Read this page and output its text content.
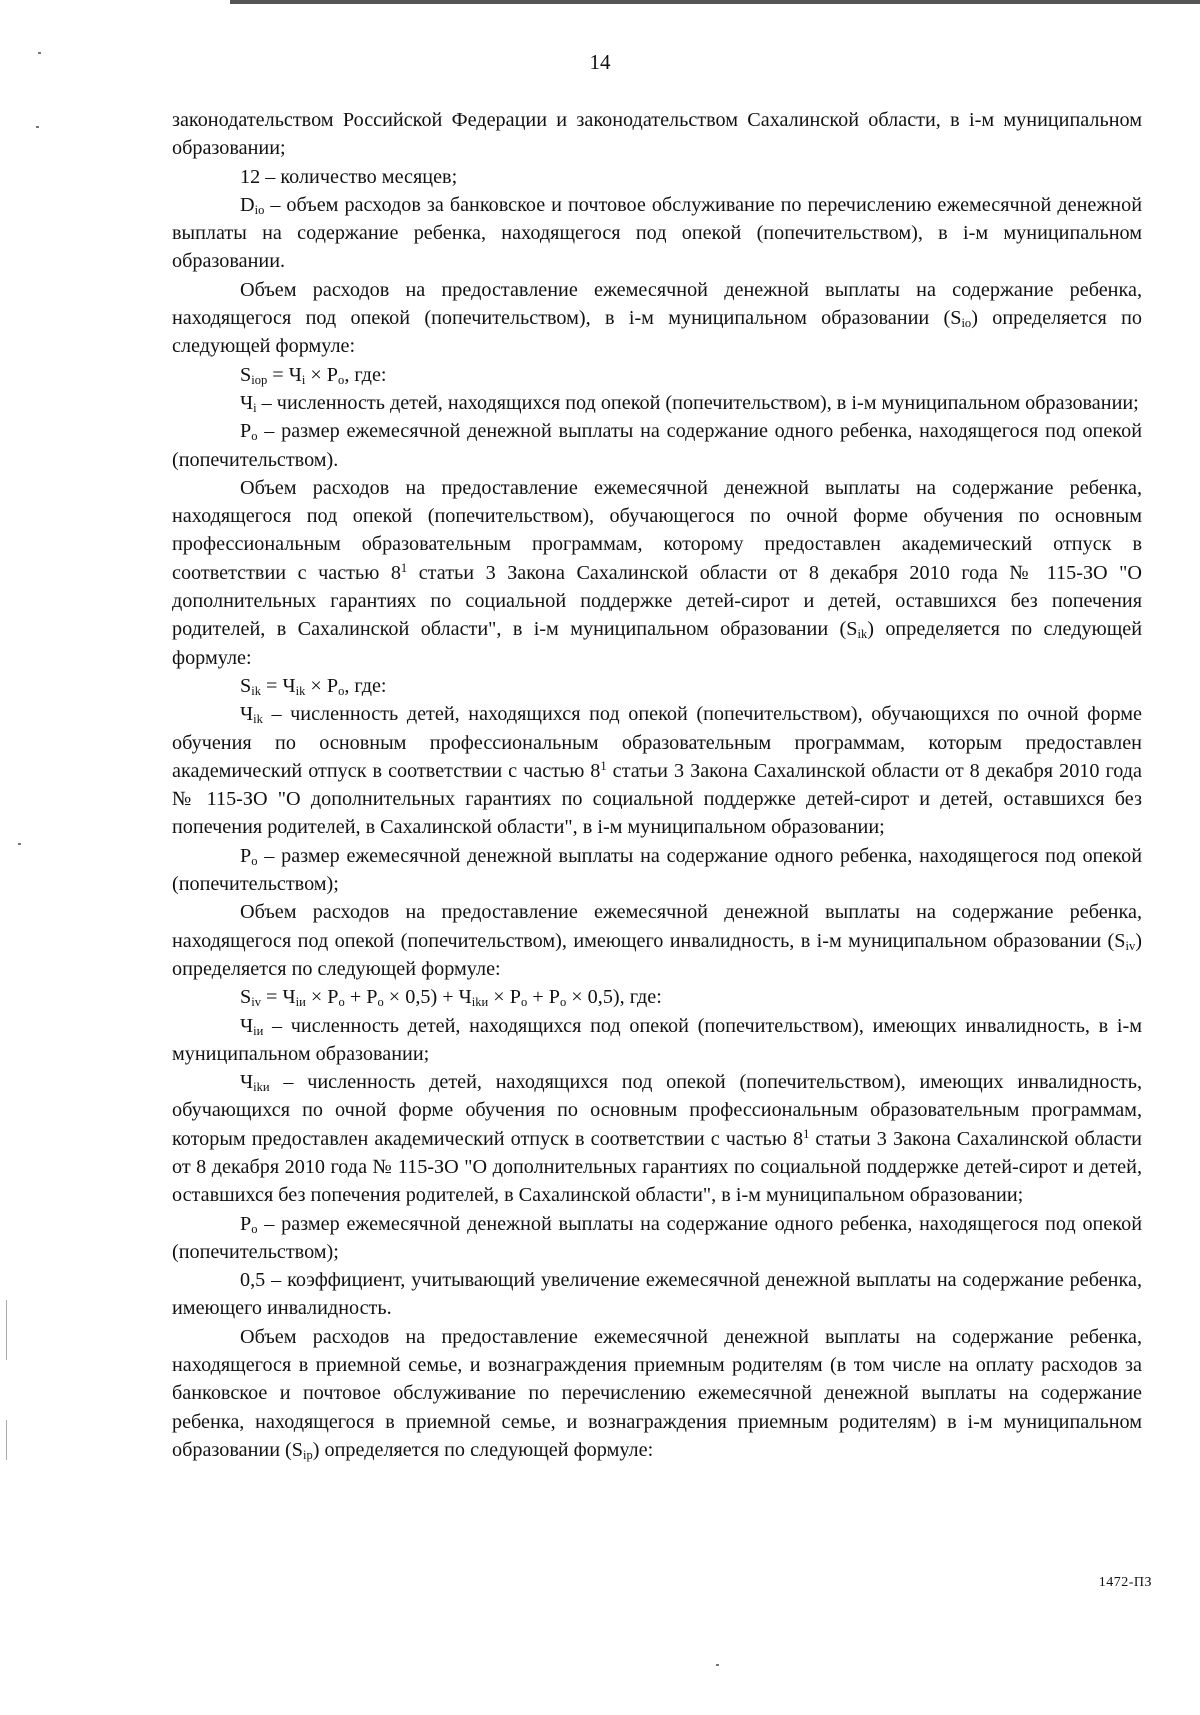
14

законодательством Российской Федерации и законодательством Сахалинской области, в i-м муниципальном образовании;

12 – количество месяцев;

$D_{io}$ – объем расходов за банковское и почтовое обслуживание по перечислению ежемесячной денежной выплаты на содержание ребенка, находящегося под опекой (попечительством), в i-м муниципальном образовании.

Объем расходов на предоставление ежемесячной денежной выплаты на содержание ребенка, находящегося под опекой (попечительством), в i-м муниципальном образовании $(S_{io})$ определяется по следующей формуле:

$S_{iop} = Ч_i \times P_o$, где:

$Ч_i$ – численность детей, находящихся под опекой (попечительством), в i-м муниципальном образовании;

$P_o$ – размер ежемесячной денежной выплаты на содержание одного ребенка, находящегося под опекой (попечительством).

Объем расходов на предоставление ежемесячной денежной выплаты на содержание ребенка, находящегося под опекой (попечительством), обучающегося по очной форме обучения по основным профессиональным образовательным программам, которому предоставлен академический отпуск в соответствии с частью $8^1$ статьи 3 Закона Сахалинской области от 8 декабря 2010 года № 115-ЗО "О дополнительных гарантиях по социальной поддержке детей-сирот и детей, оставшихся без попечения родителей, в Сахалинской области", в i-м муниципальном образовании $(S_{ik})$ определяется по следующей формуле:

$S_{ik} = Ч_{ik} \times P_o$, где:

$Ч_{ik}$ – численность детей, находящихся под опекой (попечительством), обучающихся по очной форме обучения по основным профессиональным образовательным программам, которым предоставлен академический отпуск в соответствии с частью $8^1$ статьи 3 Закона Сахалинской области от 8 декабря 2010 года № 115-ЗО "О дополнительных гарантиях по социальной поддержке детей-сирот и детей, оставшихся без попечения родителей, в Сахалинской области", в i-м муниципальном образовании;

$P_o$ – размер ежемесячной денежной выплаты на содержание одного ребенка, находящегося под опекой (попечительством);

Объем расходов на предоставление ежемесячной денежной выплаты на содержание ребенка, находящегося под опекой (попечительством), имеющего инвалидность, в i-м муниципальном образовании $(S_{iv})$ определяется по следующей формуле:

$S_{iv} = Ч_{iи} \times P_o + P_o \times 0,5) + Ч_{ikи} \times P_o + P_o \times 0,5$), где:

$Ч_{iи}$ – численность детей, находящихся под опекой (попечительством), имеющих инвалидность, в i-м муниципальном образовании;

$Ч_{ikи}$ – численность детей, находящихся под опекой (попечительством), имеющих инвалидность, обучающихся по очной форме обучения по основным профессиональным образовательным программам, которым предоставлен академический отпуск в соответствии с частью $8^1$ статьи 3 Закона Сахалинской области от 8 декабря 2010 года № 115-ЗО "О дополнительных гарантиях по социальной поддержке детей-сирот и детей, оставшихся без попечения родителей, в Сахалинской области", в i-м муниципальном образовании;

$P_o$ – размер ежемесячной денежной выплаты на содержание одного ребенка, находящегося под опекой (попечительством);

0,5 – коэффициент, учитывающий увеличение ежемесячной денежной выплаты на содержание ребенка, имеющего инвалидность.

Объем расходов на предоставление ежемесячной денежной выплаты на содержание ребенка, находящегося в приемной семье, и вознаграждения приемным родителям (в том числе на оплату расходов за банковское и почтовое обслуживание по перечислению ежемесячной денежной выплаты на содержание ребенка, находящегося в приемной семье, и вознаграждения приемным родителям) в i-м муниципальном образовании $(S_{ip})$ определяется по следующей формуле:

1472-ПЗ
